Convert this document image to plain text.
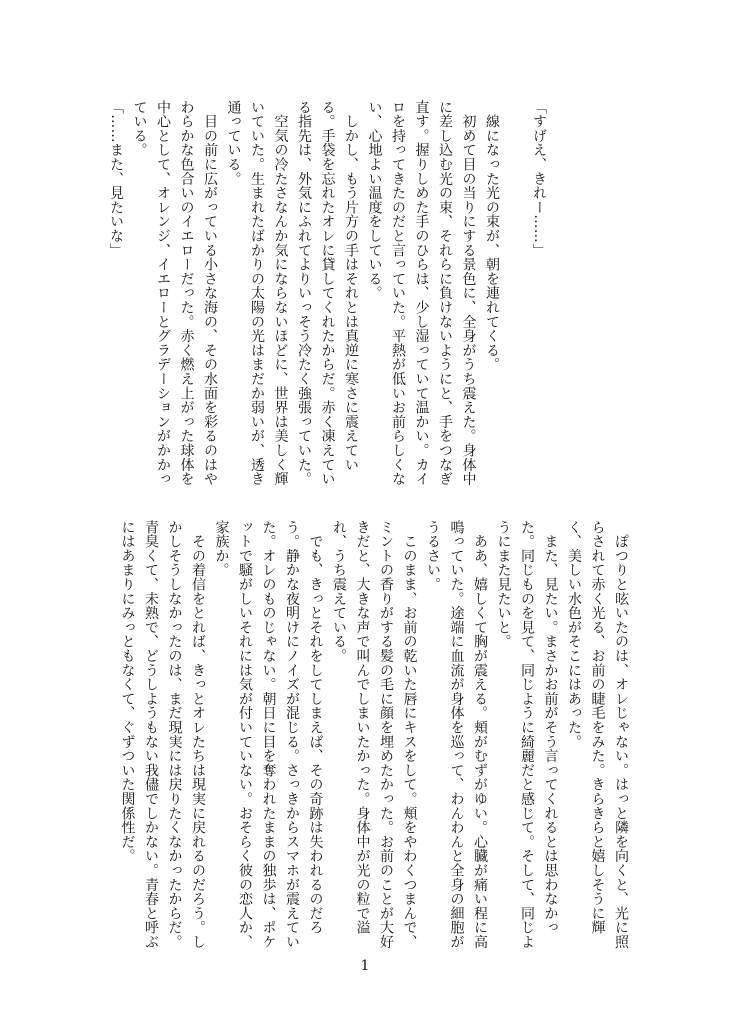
「すげえ、きれー……」

　線になった光の束が、朝を連れてくる。

　初めて目の当りにする景色に、全身がうち震えた。身体中に差し込む光の束、それらに負けないようにと、手をつなぎ直す。握りしめた手のひらは、少し湿っていて温かい。カイロを持ってきたのだと言っていた。平熱が低いお前らしくない、心地よい温度をしている。

　しかし、もう片方の手はそれとは真逆に寒さに震えている。手袋を忘れたオレに貸してくれたからだ。赤く凍えている指先は、外気にふれてよりいっそう冷たく強張っていた。

　空気の冷たさなんか気にならないほどに、世界は美しく輝いていた。生まれたばかりの太陽の光はまだか弱いが、透き通っている。

　目の前に広がっている小さな海の、その水面を彩るのはやわらかな色合いのイエローだった。赤く燃え上がった球体を中心として、オレンジ、イエローとグラデーションがかかっている。

「……また、見たいな」

　ぽつりと呟いたのは、オレじゃない。はっと隣を向くと、光に照らされて赤く光る、お前の睫毛をみた。きらきらと嬉しそうに輝く、美しい水色がそこにはあった。

　また、見たい。まさかお前がそう言ってくれるとは思わなかった。同じものを見て、同じように綺麗だと感じて。そして、同じようにまた見たいと。

　ああ、嬉しくて胸が震える。頬がむずがゆい。心臓が痛い程に高鳴っていた。途端に血流が身体を巡って、わんわんと全身の細胞がうるさい。

　このまま、お前の乾いた唇にキスをして。頬をやわくつまんで、ミントの香りがする髪の毛に顔を埋めたかった。お前のことが大好きだと、大きな声で叫んでしまいたかった。身体中が光の粒で溢れ、うち震えている。

　でも、きっとそれをしてしまえば、その奇跡は失われるのだろう。静かな夜明けにノイズが混じる。さっきからスマホが震えていた。オレのものじゃない。朝日に目を奪われたままの独歩は、ポケットで騒がしいそれには気が付いていない。おそらく彼の恋人か、家族か。

　その着信をとれば、きっとオレたちは現実に戻れるのだろう。しかしそうしなかったのは、まだ現実には戻りたくなかったからだ。青臭くて、未熟で、どうしようもない我儘でしかない。青春と呼ぶにはあまりにみっともなくて、ぐずついた関係性だ。

1
